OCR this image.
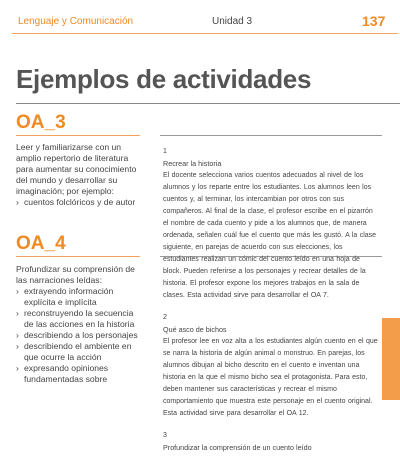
Lenguaje y Comunicación	Unidad 3	137
Ejemplos de actividades
OA_3

Leer y familiarizarse con un amplio repertorio de literatura para aumentar su conocimiento del mundo y desarrollar su imaginación; por ejemplo:

› cuentos folclóricos y de autor
OA_4

Profundizar su comprensión de las narraciones leídas:

› extrayendo información explícita e implícita
› reconstruyendo la secuencia de las acciones en la historia
› describiendo a los personajes
› describiendo el ambiente en que ocurre la acción
› expresando opiniones fundamentadas sobre

1

Recrear la historia

El docente selecciona varios cuentos adecuados al nivel de los alumnos y los reparte entre los estudiantes. Los alumnos leen los cuentos y, al terminar, los intercambian por otros con sus compañeros. Al final de la clase, el profesor escribe en el pizarrón el nombre de cada cuento y pide a los alumnos que, de manera ordenada, señalen cuál fue el cuento que más les gustó. A la clase siguiente, en parejas de acuerdo con sus elecciones, los estudiantes realizan un cómic del cuento leído en una hoja de block. Pueden referirse a los personajes y recrear detalles de la historia. El profesor expone los mejores trabajos en la sala de clases. Esta actividad sirve para desarrollar el OA 7.

2

Qué asco de bichos

El profesor lee en voz alta a los estudiantes algún cuento en el que se narra la historia de algún animal o monstruo. En parejas, los alumnos dibujan al bicho descrito en el cuento e inventan una historia en la que el mismo bicho sea el protagonista. Para esto, deben mantener sus características y recrear el mismo comportamiento que muestra este personaje en el cuento original. Esta actividad sirve para desarrollar el OA 12.

3

Profundizar la comprensión de un cuento leído
